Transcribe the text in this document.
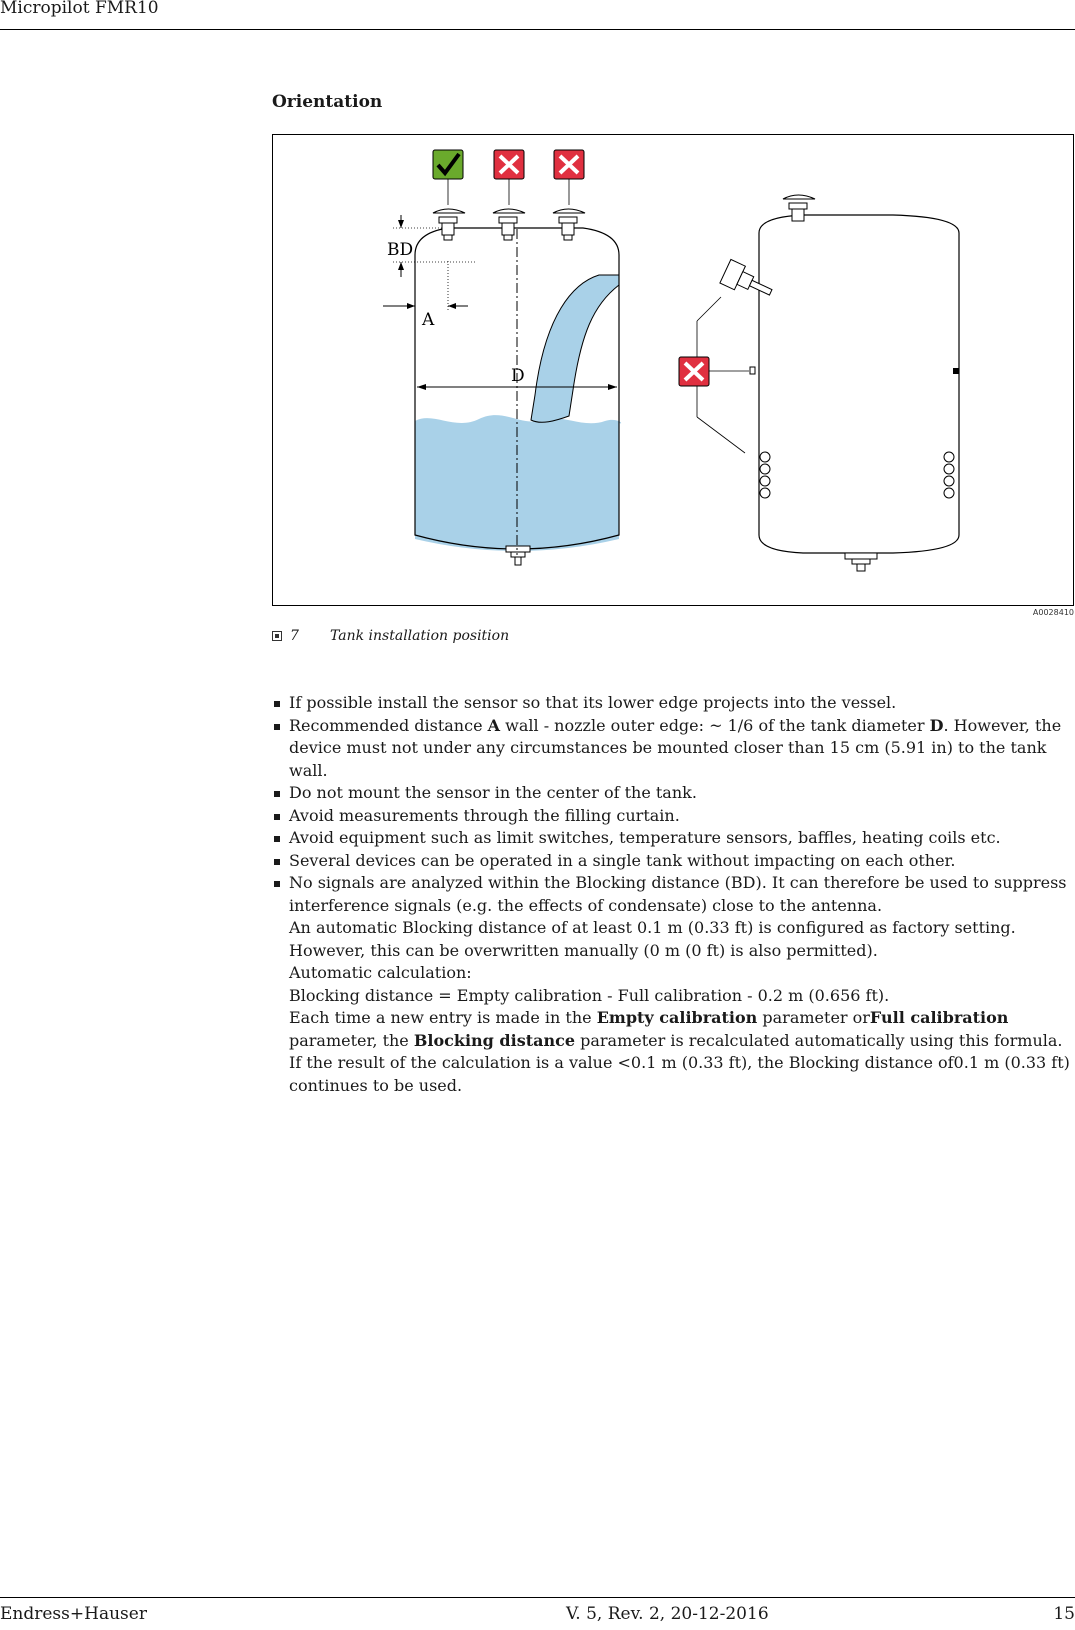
Micropilot FMR10
Orientation
D
BD
A
A0028410
7 Tank installation position
If possible install the sensor so that its lower edge projects into the vessel.
Recommended distance A wall - nozzle outer edge: ~ 1/6 of the tank diameter D. However, the device must not under any circumstances be mounted closer than 15 cm (5.91 in) to the tank wall.
Do not mount the sensor in the center of the tank.
Avoid measurements through the filling curtain.
Avoid equipment such as limit switches, temperature sensors, baffles, heating coils etc.
Several devices can be operated in a single tank without impacting on each other.
No signals are analyzed within the Blocking distance (BD). It can therefore be used to suppress interference signals (e.g. the effects of condensate) close to the antenna.
An automatic Blocking distance of at least 0.1 m (0.33 ft) is configured as factory setting. However, this can be overwritten manually (0 m (0 ft) is also permitted).
Automatic calculation:
Blocking distance = Empty calibration - Full calibration - 0.2 m (0.656 ft).
Each time a new entry is made in the Empty calibration parameter orFull calibration parameter, the Blocking distance parameter is recalculated automatically using this formula.
If the result of the calculation is a value <0.1 m (0.33 ft), the Blocking distance of0.1 m (0.33 ft) continues to be used.
Endress+Hauser	V. 5, Rev. 2, 20-12-2016	15
